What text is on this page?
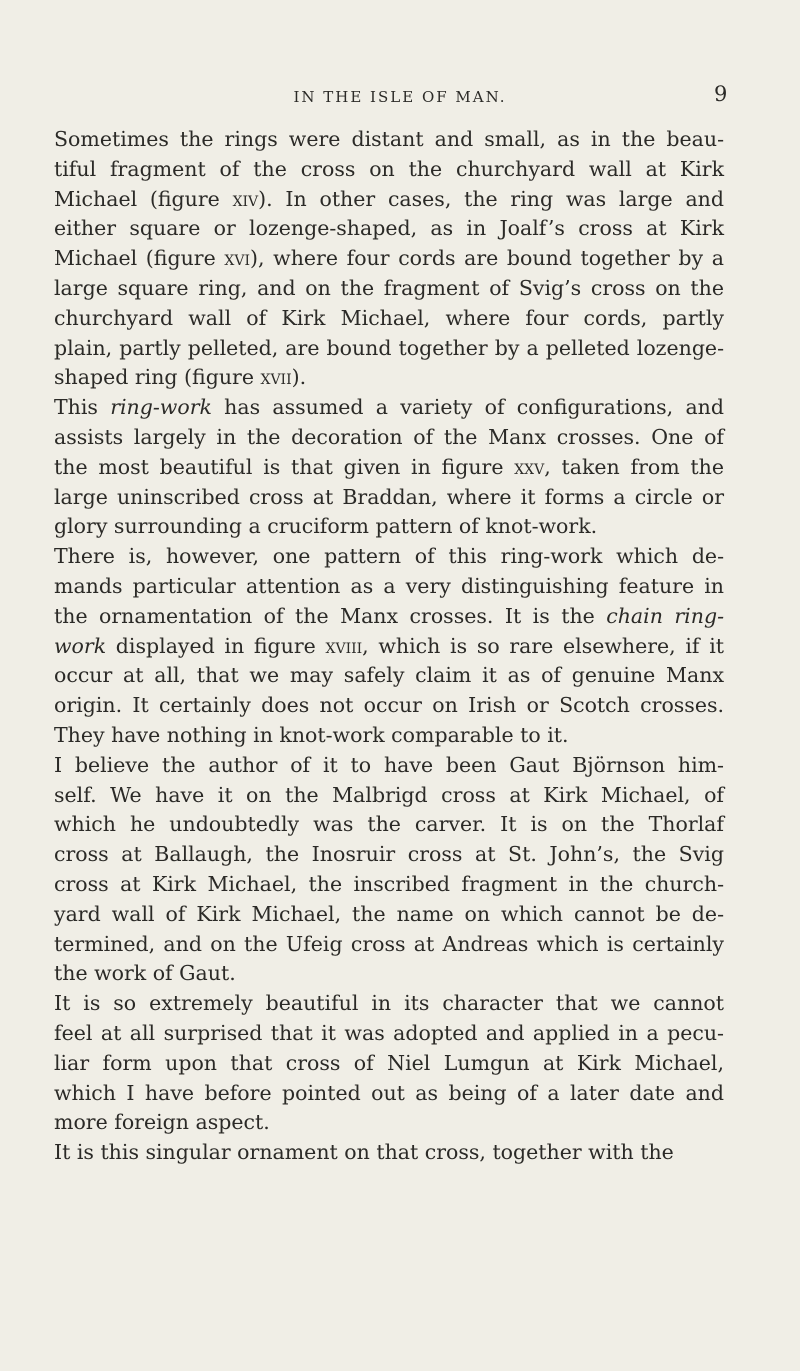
IN THE ISLE OF MAN.	9
Sometimes the rings were distant and small, as in the beau-
tiful fragment of the cross on the churchyard wall at Kirk
Michael (figure xiv). In other cases, the ring was large and
either square or lozenge-shaped, as in Joalf’s cross at Kirk
Michael (figure xvi), where four cords are bound together by a
large square ring, and on the fragment of Svig’s cross on the
churchyard wall of Kirk Michael, where four cords, partly
plain, partly pelleted, are bound together by a pelleted lozenge-
shaped ring (figure xvii).
This ring-work has assumed a variety of configurations, and
assists largely in the decoration of the Manx crosses. One of
the most beautiful is that given in figure xxv, taken from the
large uninscribed cross at Braddan, where it forms a circle or
glory surrounding a cruciform pattern of knot-work.
There is, however, one pattern of this ring-work which de-
mands particular attention as a very distinguishing feature in
the ornamentation of the Manx crosses. It is the chain ring-
work displayed in figure xviii, which is so rare elsewhere, if it
occur at all, that we may safely claim it as of genuine Manx
origin. It certainly does not occur on Irish or Scotch crosses.
They have nothing in knot-work comparable to it.
I believe the author of it to have been Gaut Björnson him-
self. We have it on the Malbrigd cross at Kirk Michael, of
which he undoubtedly was the carver. It is on the Thorlaf
cross at Ballaugh, the Inosruir cross at St. John’s, the Svig
cross at Kirk Michael, the inscribed fragment in the church-
yard wall of Kirk Michael, the name on which cannot be de-
termined, and on the Ufeig cross at Andreas which is certainly
the work of Gaut.
It is so extremely beautiful in its character that we cannot
feel at all surprised that it was adopted and applied in a pecu-
liar form upon that cross of Niel Lumgun at Kirk Michael,
which I have before pointed out as being of a later date and
more foreign aspect.
It is this singular ornament on that cross, together with the
